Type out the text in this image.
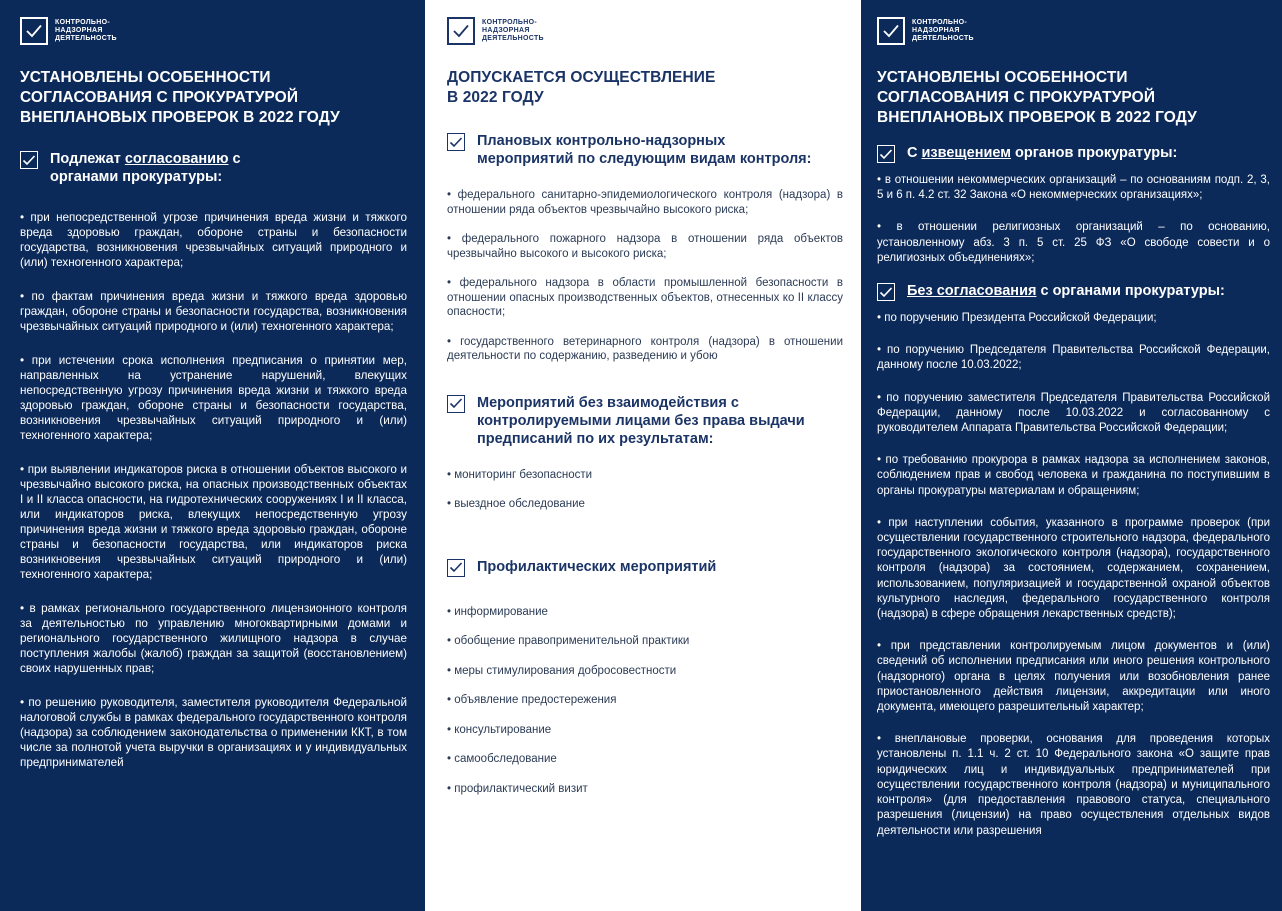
КОНТРОЛЬНО-
НАДЗОРНАЯ
ДЕЯТЕЛЬНОСТЬ
УСТАНОВЛЕНЫ ОСОБЕННОСТИ
СОГЛАСОВАНИЯ С ПРОКУРАТУРОЙ
ВНЕПЛАНОВЫХ ПРОВЕРОК В 2022 ГОДУ
Подлежат согласованию с
органами прокуратуры:

• при непосредственной угрозе причинения вреда жизни и тяжкого вреда здоровью граждан, обороне страны и безопасности государства, возникновения чрезвычайных ситуаций природного и (или) техногенного характера;

• по фактам причинения вреда жизни и тяжкого вреда здоровью граждан, обороне страны и безопасности государства, возникновения чрезвычайных ситуаций природного и (или) техногенного характера;

• при истечении срока исполнения предписания о принятии мер, направленных на устранение нарушений, влекущих непосредственную угрозу причинения вреда жизни и тяжкого вреда здоровью граждан, обороне страны и безопасности государства, возникновения чрезвычайных ситуаций природного и (или) техногенного характера;

• при выявлении индикаторов риска в отношении объектов высокого и чрезвычайно высокого риска, на опасных производственных объектах I и II класса опасности, на гидротехнических сооружениях I и II класса, или индикаторов риска, влекущих непосредственную угрозу причинения вреда жизни и тяжкого вреда здоровью граждан, обороне страны и безопасности государства, или индикаторов риска возникновения чрезвычайных ситуаций природного и (или) техногенного характера;

• в рамках регионального государственного лицензионного контроля за деятельностью по управлению многоквартирными домами и регионального государственного жилищного надзора в случае поступления жалобы (жалоб) граждан за защитой (восстановлением) своих нарушенных прав;

• по решению руководителя, заместителя руководителя Федеральной налоговой службы в рамках федерального государственного контроля (надзора) за соблюдением законодательства о применении ККТ, в том числе за полнотой учета выручки в организациях и у индивидуальных предпринимателей

КОНТРОЛЬНО-
НАДЗОРНАЯ
ДЕЯТЕЛЬНОСТЬ
ДОПУСКАЕТСЯ ОСУЩЕСТВЛЕНИЕ
В 2022 ГОДУ
Плановых контрольно-надзорных
мероприятий по следующим видам контроля:

• федерального санитарно-эпидемиологического контроля (надзора) в отношении ряда объектов чрезвычайно высокого риска;

• федерального пожарного надзора в отношении ряда объектов чрезвычайно высокого и высокого риска;

• федерального надзора в области промышленной безопасности в отношении опасных производственных объектов, отнесенных ко II классу опасности;

• государственного ветеринарного контроля (надзора) в отношении деятельности по содержанию, разведению и убою

Мероприятий без взаимодействия с
контролируемыми лицами без права выдачи
предписаний по их результатам:

• мониторинг безопасности

• выездное обследование

Профилактических мероприятий

• информирование

• обобщение правоприменительной практики

• меры стимулирования добросовестности

• объявление предостережения

• консультирование

• самообследование

• профилактический визит

КОНТРОЛЬНО-
НАДЗОРНАЯ
ДЕЯТЕЛЬНОСТЬ
УСТАНОВЛЕНЫ ОСОБЕННОСТИ
СОГЛАСОВАНИЯ С ПРОКУРАТУРОЙ
ВНЕПЛАНОВЫХ ПРОВЕРОК В 2022 ГОДУ
С извещением органов прокуратуры:

• в отношении некоммерческих организаций – по основаниям подп. 2, 3, 5 и 6 п. 4.2 ст. 32 Закона «О некоммерческих организациях»;

• в отношении религиозных организаций – по основанию, установленному абз. 3 п. 5 ст. 25 ФЗ «О свободе совести и о религиозных объединениях»;

Без согласования с органами прокуратуры:

• по поручению Президента Российской Федерации;

• по поручению Председателя Правительства Российской Федерации, данному после 10.03.2022;

• по поручению заместителя Председателя Правительства Российской Федерации, данному после 10.03.2022 и согласованному с руководителем Аппарата Правительства Российской Федерации;

• по требованию прокурора в рамках надзора за исполнением законов, соблюдением прав и свобод человека и гражданина по поступившим в органы прокуратуры материалам и обращениям;

• при наступлении события, указанного в программе проверок (при осуществлении государственного строительного надзора, федерального государственного экологического контроля (надзора), государственного контроля (надзора) за состоянием, содержанием, сохранением, использованием, популяризацией и государственной охраной объектов культурного наследия, федерального государственного контроля (надзора) в сфере обращения лекарственных средств);

• при представлении контролируемым лицом документов и (или) сведений об исполнении предписания или иного решения контрольного (надзорного) органа в целях получения или возобновления ранее приостановленного действия лицензии, аккредитации или иного документа, имеющего разрешительный характер;

• внеплановые проверки, основания для проведения которых установлены п. 1.1 ч. 2 ст. 10 Федерального закона «О защите прав юридических лиц и индивидуальных предпринимателей при осуществлении государственного контроля (надзора) и муниципального контроля» (для предоставления правового статуса, специального разрешения (лицензии) на право осуществления отдельных видов деятельности или разрешения
